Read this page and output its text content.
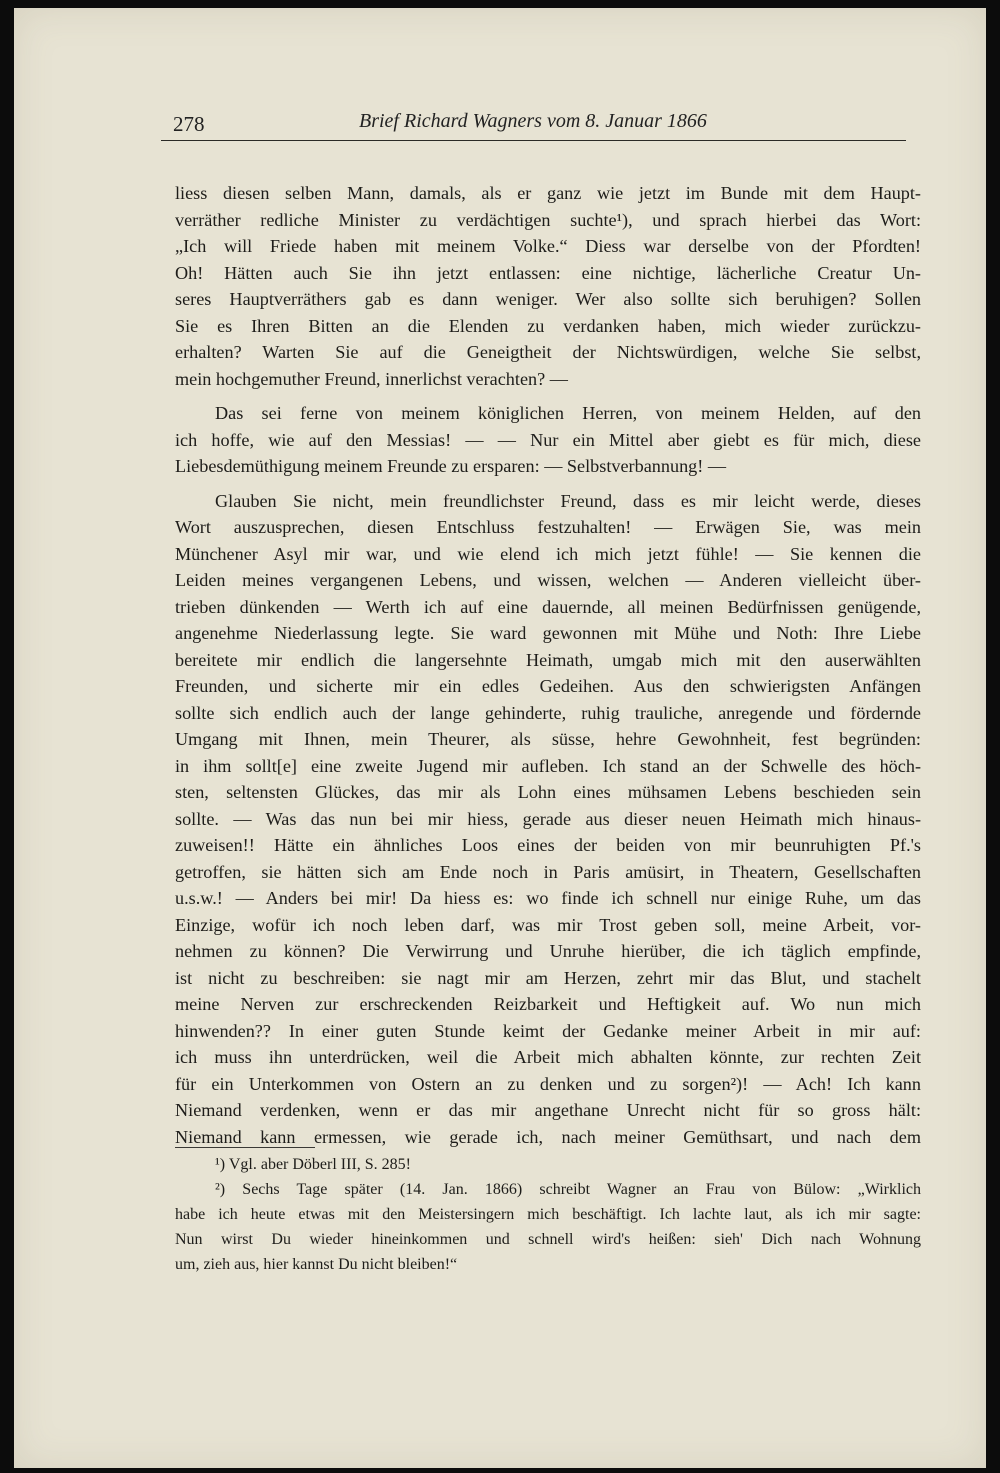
278	Brief Richard Wagners vom 8. Januar 1866
liess diesen selben Mann, damals, als er ganz wie jetzt im Bunde mit dem Haupt-
verräther redliche Minister zu verdächtigen suchte¹), und sprach hierbei das Wort:
„Ich will Friede haben mit meinem Volke.“ Diess war derselbe von der Pfordten!
Oh! Hätten auch Sie ihn jetzt entlassen: eine nichtige, lächerliche Creatur Un-
seres Hauptverräthers gab es dann weniger. Wer also sollte sich beruhigen? Sollen
Sie es Ihren Bitten an die Elenden zu verdanken haben, mich wieder zurückzu-
erhalten? Warten Sie auf die Geneigtheit der Nichtswürdigen, welche Sie selbst,
mein hochgemuther Freund, innerlichst verachten? —
Das sei ferne von meinem königlichen Herren, von meinem Helden, auf den
ich hoffe, wie auf den Messias! — — Nur ein Mittel aber giebt es für mich, diese
Liebesdemüthigung meinem Freunde zu ersparen: — Selbstverbannung! —
Glauben Sie nicht, mein freundlichster Freund, dass es mir leicht werde, dieses
Wort auszusprechen, diesen Entschluss festzuhalten! — Erwägen Sie, was mein
Münchener Asyl mir war, und wie elend ich mich jetzt fühle! — Sie kennen die
Leiden meines vergangenen Lebens, und wissen, welchen — Anderen vielleicht über-
trieben dünkenden — Werth ich auf eine dauernde, all meinen Bedürfnissen genügende,
angenehme Niederlassung legte. Sie ward gewonnen mit Mühe und Noth: Ihre Liebe
bereitete mir endlich die langersehnte Heimath, umgab mich mit den auserwählten
Freunden, und sicherte mir ein edles Gedeihen. Aus den schwierigsten Anfängen
sollte sich endlich auch der lange gehinderte, ruhig trauliche, anregende und fördernde
Umgang mit Ihnen, mein Theurer, als süsse, hehre Gewohnheit, fest begründen:
in ihm sollt[e] eine zweite Jugend mir aufleben. Ich stand an der Schwelle des höch-
sten, seltensten Glückes, das mir als Lohn eines mühsamen Lebens beschieden sein
sollte. — Was das nun bei mir hiess, gerade aus dieser neuen Heimath mich hinaus-
zuweisen!! Hätte ein ähnliches Loos eines der beiden von mir beunruhigten Pf.'s
getroffen, sie hätten sich am Ende noch in Paris amüsirt, in Theatern, Gesellschaften
u.s.w.! — Anders bei mir! Da hiess es: wo finde ich schnell nur einige Ruhe, um das
Einzige, wofür ich noch leben darf, was mir Trost geben soll, meine Arbeit, vor-
nehmen zu können? Die Verwirrung und Unruhe hierüber, die ich täglich empfinde,
ist nicht zu beschreiben: sie nagt mir am Herzen, zehrt mir das Blut, und stachelt
meine Nerven zur erschreckenden Reizbarkeit und Heftigkeit auf. Wo nun mich
hinwenden?? In einer guten Stunde keimt der Gedanke meiner Arbeit in mir auf:
ich muss ihn unterdrücken, weil die Arbeit mich abhalten könnte, zur rechten Zeit
für ein Unterkommen von Ostern an zu denken und zu sorgen²)! — Ach! Ich kann
Niemand verdenken, wenn er das mir angethane Unrecht nicht für so gross hält:
Niemand kann ermessen, wie gerade ich, nach meiner Gemüthsart, und nach dem
¹) Vgl. aber Döberl III, S. 285!
²) Sechs Tage später (14. Jan. 1866) schreibt Wagner an Frau von Bülow: „Wirklich
habe ich heute etwas mit den Meistersingern mich beschäftigt. Ich lachte laut, als ich mir sagte:
Nun wirst Du wieder hineinkommen und schnell wird's heißen: sieh' Dich nach Wohnung
um, zieh aus, hier kannst Du nicht bleiben!“
